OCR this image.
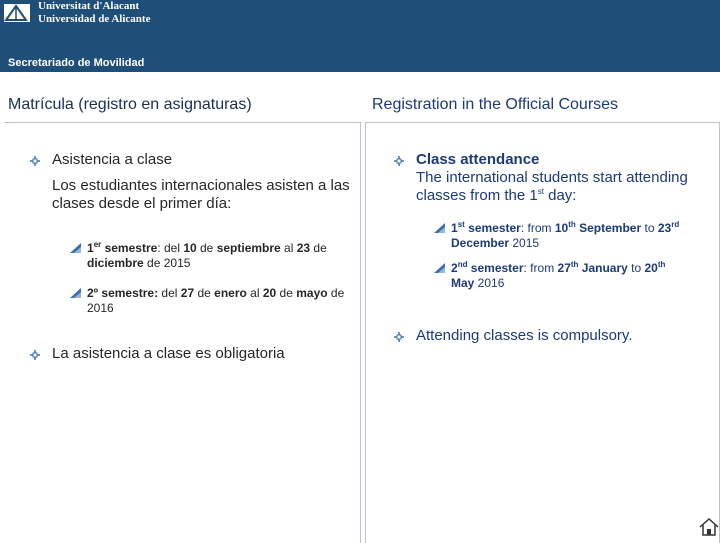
Universitat d'Alacant
Universidad de Alicante
Secretariado de Movilidad
Matrícula (registro en asignaturas)	Registration in the Official Courses
Asistencia a clase
Los estudiantes internacionales asisten a las clases desde el primer día:
1er semestre: del 10 de septiembre al 23 de diciembre de 2015
2º semestre: del 27 de enero al 20 de mayo de 2016
La asistencia a clase es obligatoria
Class attendance
The international students start attending classes from the 1st day:
1st semester: from 10th September to 23rd
December 2015
2nd semester: from 27th January to 20th
May 2016
Attending classes is compulsory.
